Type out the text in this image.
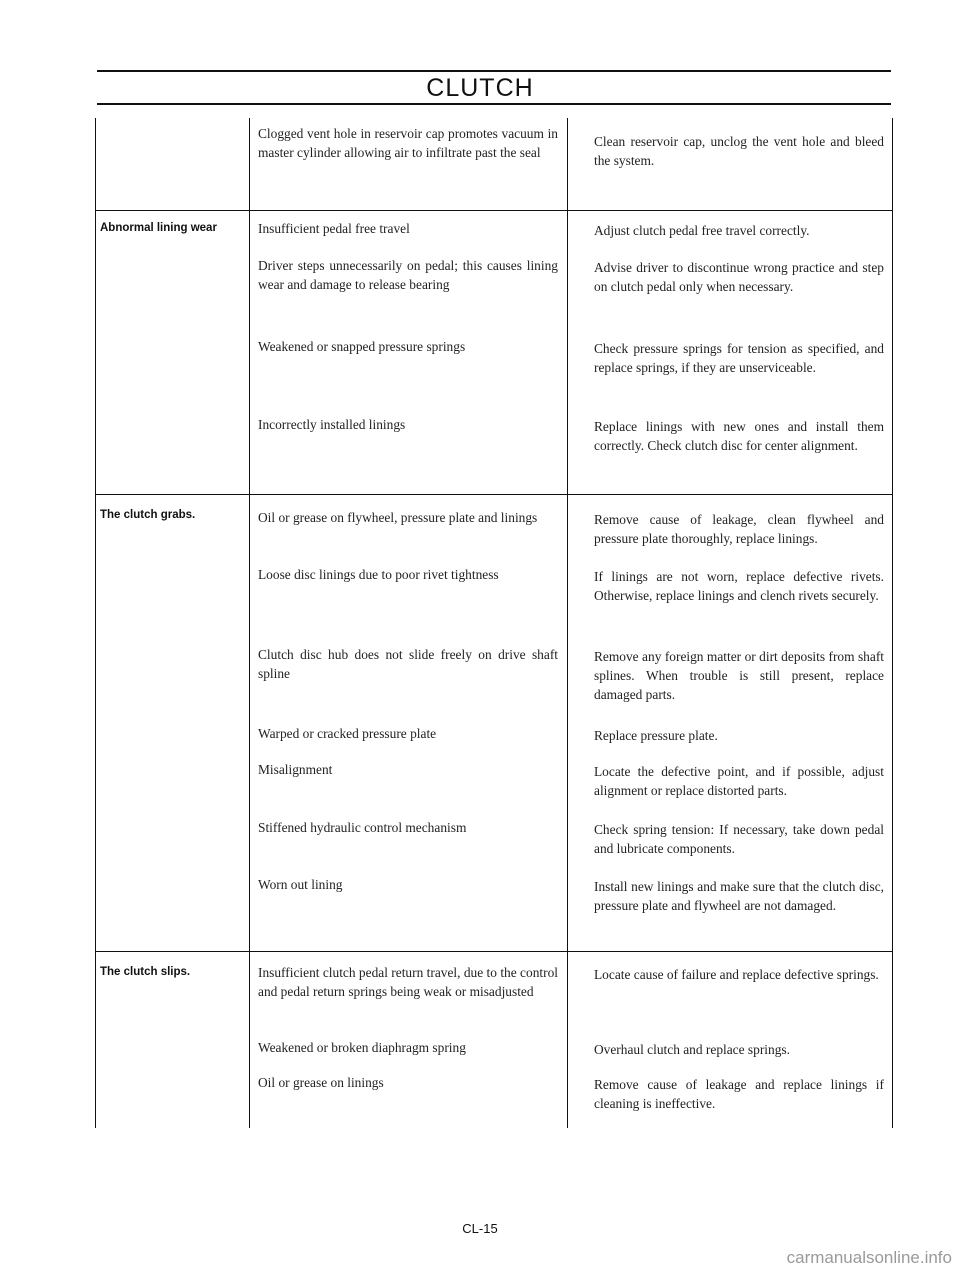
CLUTCH
Abnormal lining wear
The clutch grabs.
The clutch slips.
Clogged vent hole in reservoir cap promotes vacuum in master cylinder allowing air to infiltrate past the seal
Insufficient pedal free travel
Driver steps unnecessarily on pedal; this causes lining wear and damage to release bearing
Weakened or snapped pressure springs
Incorrectly installed linings
Oil or grease on flywheel, pressure plate and linings
Loose disc linings due to poor rivet tightness
Clutch disc hub does not slide freely on drive shaft spline
Warped or cracked pressure plate
Misalignment
Stiffened hydraulic control mechanism
Worn out lining
Insufficient clutch pedal return travel, due to the control and pedal return springs being weak or misadjusted
Weakened or broken diaphragm spring
Oil or grease on linings
Clean reservoir cap, unclog the vent hole and bleed the system.
Adjust clutch pedal free travel correctly.
Advise driver to discontinue wrong practice and step on clutch pedal only when necessary.
Check pressure springs for tension as specified, and replace springs, if they are unserviceable.
Replace linings with new ones and install them correctly. Check clutch disc for center alignment.
Remove cause of leakage, clean flywheel and pressure plate thoroughly, replace linings.
If linings are not worn, replace defective rivets. Otherwise, replace linings and clench rivets securely.
Remove any foreign matter or dirt deposits from shaft splines. When trouble is still present, replace damaged parts.
Replace pressure plate.
Locate the defective point, and if possible, adjust alignment or replace distorted parts.
Check spring tension: If necessary, take down pedal and lubricate components.
Install new linings and make sure that the clutch disc, pressure plate and flywheel are not damaged.
Locate cause of failure and replace defective springs.
Overhaul clutch and replace springs.
Remove cause of leakage and replace linings if cleaning is ineffective.
CL-15
carmanualsonline.info
